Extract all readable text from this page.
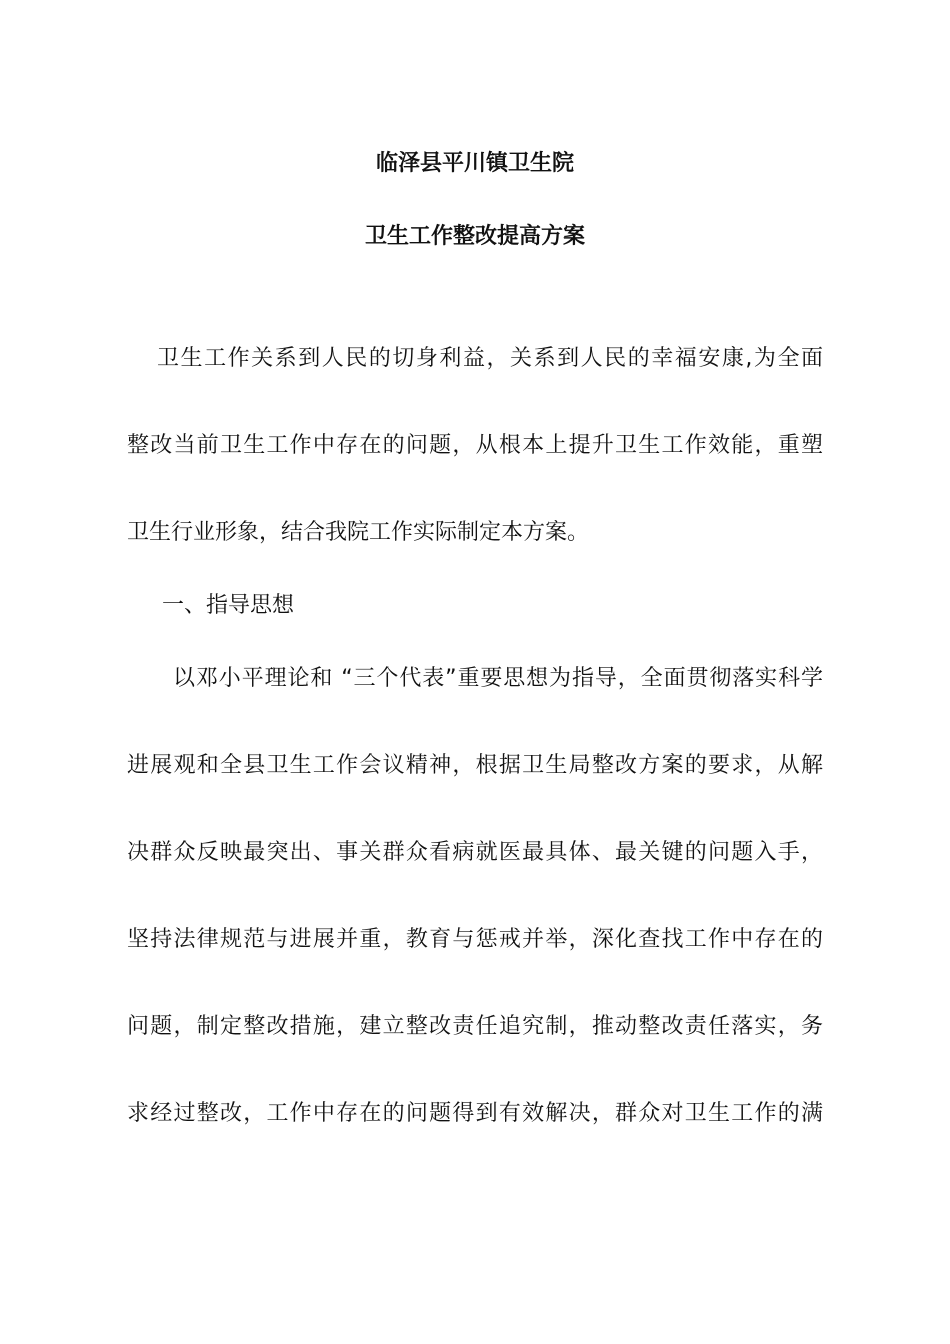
临泽县平川镇卫生院
卫生工作整改提高方案
卫生工作关系到人民的切身利益，关系到人民的幸福安康,为全面
整改当前卫生工作中存在的问题，从根本上提升卫生工作效能，重塑
卫生行业形象，结合我院工作实际制定本方案。
一、指导思想
以邓小平理论和 “三个代表”重要思想为指导，全面贯彻落实科学
进展观和全县卫生工作会议精神，根据卫生局整改方案的要求，从解
决群众反映最突出、事关群众看病就医最具体、最关键的问题入手，
坚持法律规范与进展并重，教育与惩戒并举，深化查找工作中存在的
问题，制定整改措施，建立整改责任追究制，推动整改责任落实，务
求经过整改，工作中存在的问题得到有效解决，群众对卫生工作的满
